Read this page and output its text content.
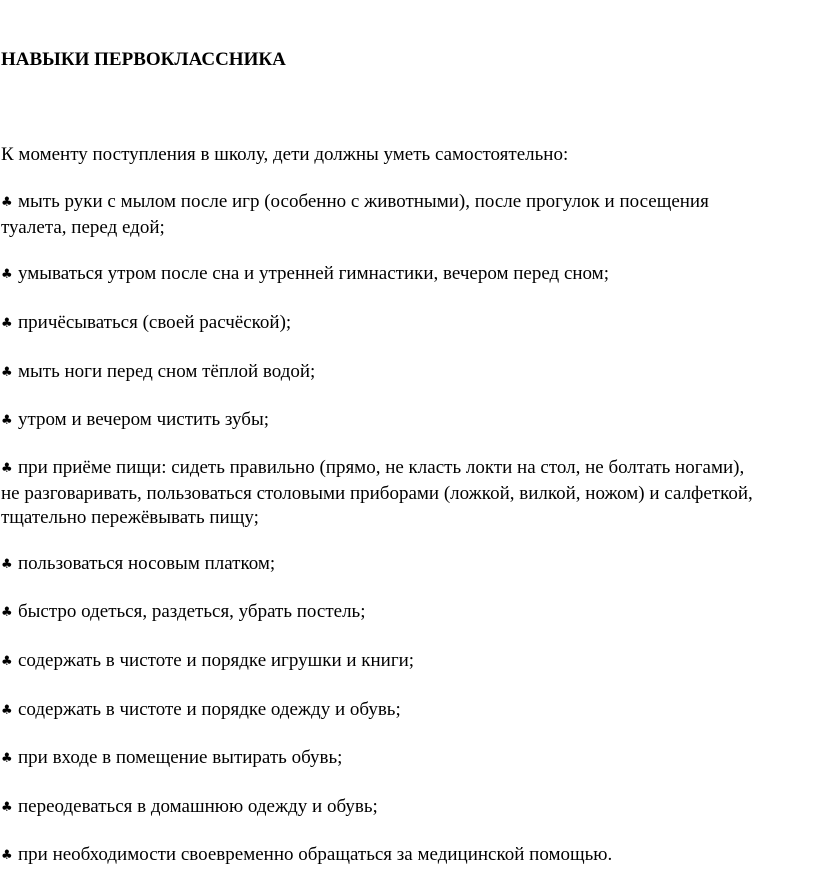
НАВЫКИ ПЕРВОКЛАССНИКА

К моменту поступления в школу, дети должны уметь самостоятельно:

♣ мыть руки с мылом после игр (особенно с животными), после прогулок и посещения
туалета, перед едой;

♣ умываться утром после сна и утренней гимнастики, вечером перед сном;

♣ причёсываться (своей расчёской);

♣ мыть ноги перед сном тёплой водой;

♣ утром и вечером чистить зубы;

♣ при приёме пищи: сидеть правильно (прямо, не класть локти на стол, не болтать ногами),
не разговаривать, пользоваться столовыми приборами (ложкой, вилкой, ножом) и салфеткой,
тщательно пережёвывать пищу;

♣ пользоваться носовым платком;

♣ быстро одеться, раздеться, убрать постель;

♣ содержать в чистоте и порядке игрушки и книги;

♣ содержать в чистоте и порядке одежду и обувь;

♣ при входе в помещение вытирать обувь;

♣ переодеваться в домашнюю одежду и обувь;

♣ при необходимости своевременно обращаться за медицинской помощью.
